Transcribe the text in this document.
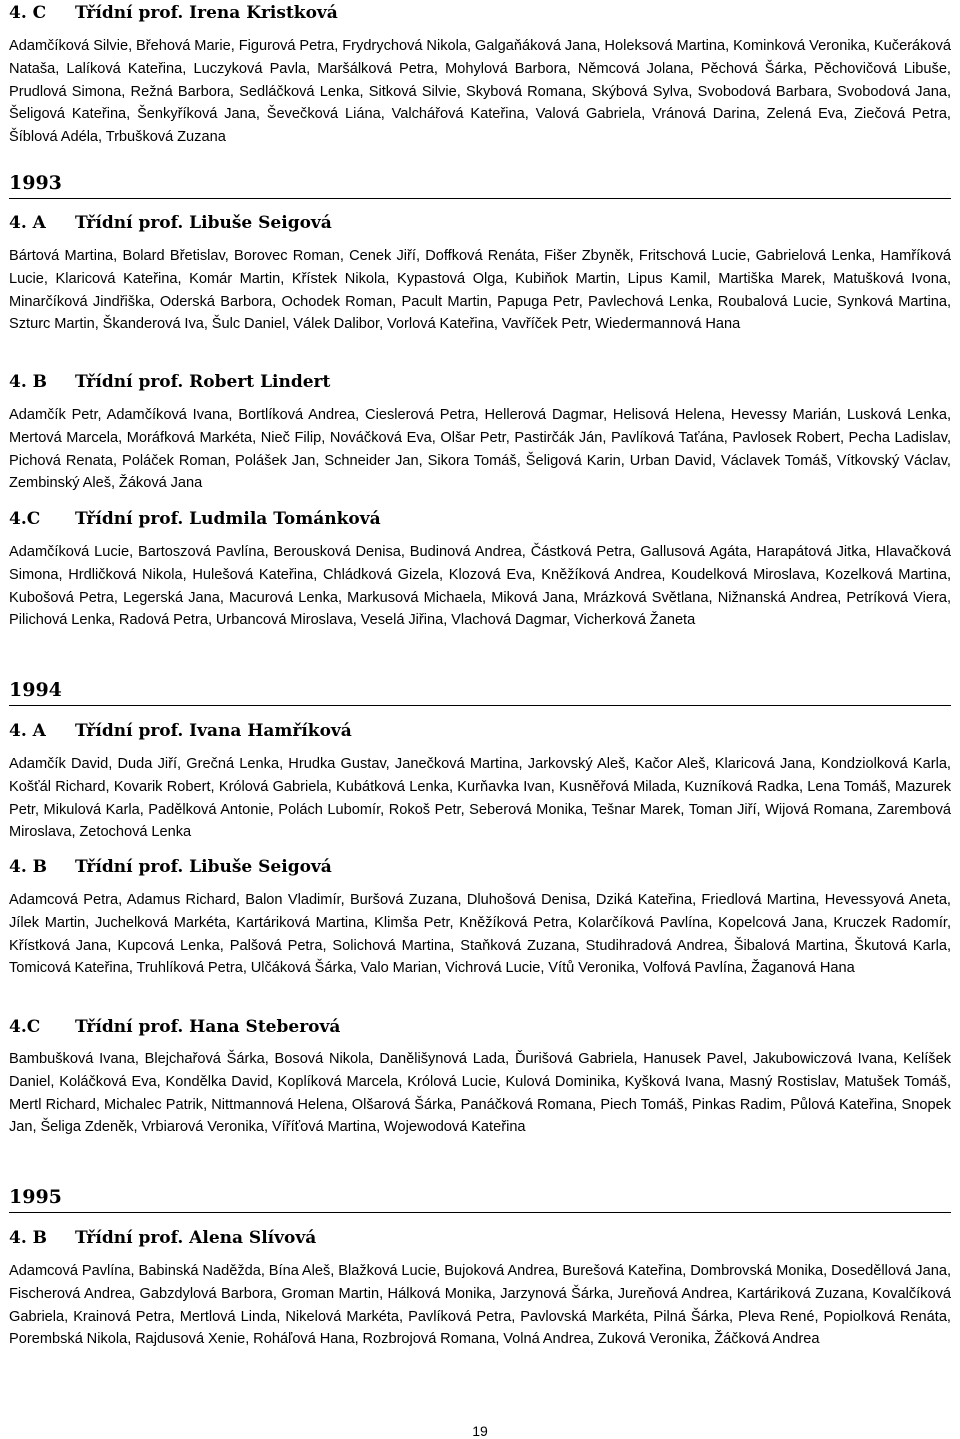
4. C Třídní prof. Irena Kristková
Adamčíková Silvie, Břehová Marie, Figurová Petra, Frydrychová Nikola, Galgaňáková Jana, Holeksová Martina, Kominková Veronika, Kučeráková Nataša, Lalíková Kateřina, Luczyková Pavla, Maršálková Petra, Mohylová Barbora, Němcová Jolana, Pěchová Šárka, Pěchovičová Libuše, Prudlová Simona, Režná Barbora, Sedláčková Lenka, Sitková Silvie, Skybová Romana, Skýbová Sylva, Svobodová Barbara, Svobodová Jana, Šeligová Kateřina, Šenkyříková Jana, Ševečková Liána, Valchářová Kateřina, Valová Gabriela, Vránová Darina, Zelená Eva, Ziečová Petra, Šíblová Adéla, Trbušková Zuzana
1993
4. A Třídní prof. Libuše Seigová
Bártová Martina, Bolard Břetislav, Borovec Roman, Cenek Jiří, Doffková Renáta, Fišer Zbyněk, Fritschová Lucie, Gabrielová Lenka, Hamříková Lucie, Klaricová Kateřina, Komár Martin, Křístek Nikola, Kypastová Olga, Kubiňok Martin, Lipus Kamil, Martiška Marek, Matušková Ivona, Minarčíková Jindřiška, Oderská Barbora, Ochodek Roman, Pacult Martin, Papuga Petr, Pavlechová Lenka, Roubalová Lucie, Synková Martina, Szturc Martin, Škanderová Iva, Šulc Daniel, Válek Dalibor, Vorlová Kateřina, Vavříček Petr, Wiedermannová Hana
4. B Třídní prof. Robert Lindert
Adamčík Petr, Adamčíková Ivana, Bortlíková Andrea, Cieslerová Petra, Hellerová Dagmar, Helisová Helena, Hevessy Marián, Lusková Lenka, Mertová Marcela, Moráfková Markéta, Nieč Filip, Nováčková Eva, Olšar Petr, Pastirčák Ján, Pavlíková Taťána, Pavlosek Robert, Pecha Ladislav, Pichová Renata, Poláček Roman, Polášek Jan, Schneider Jan, Sikora Tomáš, Šeligová Karin, Urban David, Václavek Tomáš, Vítkovský Václav, Zembinský Aleš, Žáková Jana
4.C Třídní prof. Ludmila Tománková
Adamčíková Lucie, Bartoszová Pavlína, Berousková Denisa, Budinová Andrea, Částková Petra, Gallusová Agáta, Harapátová Jitka, Hlavačková Simona, Hrdličková Nikola, Hulešová Kateřina, Chládková Gizela, Klozová Eva, Kněžíková Andrea, Koudelková Miroslava, Kozelková Martina, Kubošová Petra, Legerská Jana, Macurová Lenka, Markusová Michaela, Miková Jana, Mrázková Světlana, Nižnanská Andrea, Petríková Viera, Pilichová Lenka, Radová Petra, Urbancová Miroslava, Veselá Jiřina, Vlachová Dagmar, Vicherková Žaneta
1994
4. A Třídní prof. Ivana Hamříková
Adamčík David, Duda Jiří, Grečná Lenka, Hrudka Gustav, Janečková Martina, Jarkovský Aleš, Kačor Aleš, Klaricová Jana, Kondziolková Karla, Košťál Richard, Kovarik Robert, Królová Gabriela, Kubátková Lenka, Kurňavka Ivan, Kusněřová Milada, Kuzníková Radka, Lena Tomáš, Mazurek Petr, Mikulová Karla, Padělková Antonie, Polách Lubomír, Rokoš Petr, Seberová Monika, Tešnar Marek, Toman Jiří, Wijová Romana, Zarembová Miroslava, Zetochová Lenka
4. B Třídní prof. Libuše Seigová
Adamcová Petra, Adamus Richard, Balon Vladimír, Buršová Zuzana, Dluhošová Denisa, Dziká Kateřina, Friedlová Martina, Hevessyová Aneta, Jílek Martin, Juchelková Markéta, Kartáriková Martina, Klimša Petr, Kněžíková Petra, Kolarčíková Pavlína, Kopelcová Jana, Kruczek Radomír, Křístková Jana, Kupcová Lenka, Palšová Petra, Solichová Martina, Staňková Zuzana, Studihradová Andrea, Šibalová Martina, Škutová Karla, Tomicová Kateřina, Truhlíková Petra, Ulčáková Šárka, Valo Marian, Vichrová Lucie, Vítů Veronika, Volfová Pavlína, Žaganová Hana
4.C Třídní prof. Hana Steberová
Bambušková Ivana, Blejchařová Šárka, Bosová Nikola, Danělišynová Lada, Ďurišová Gabriela, Hanusek Pavel, Jakubowiczová Ivana, Kelíšek Daniel, Koláčková Eva, Kondělka David, Koplíková Marcela, Królová Lucie, Kulová Dominika, Kyšková Ivana, Masný Rostislav, Matušek Tomáš, Mertl Richard, Michalec Patrik, Nittmannová Helena, Olšarová Šárka, Panáčková Romana, Piech Tomáš, Pinkas Radim, Půlová Kateřina, Snopek Jan, Šeliga Zdeněk, Vrbiarová Veronika, Víříťová Martina, Wojewodová Kateřina
1995
4. B Třídní prof. Alena Slívová
Adamcová Pavlína, Babinská Naděžda, Bína Aleš, Blažková Lucie, Bujoková Andrea, Burešová Kateřina, Dombrovská Monika, Doseděllová Jana, Fischerová Andrea, Gabzdylová Barbora, Groman Martin, Hálková Monika, Jarzynová Šárka, Jureňová Andrea, Kartáriková Zuzana, Kovalčíková Gabriela, Krainová Petra, Mertlová Linda, Nikelová Markéta, Pavlíková Petra, Pavlovská Markéta, Pilná Šárka, Pleva René, Popiolková Renáta, Porembská Nikola, Rajdusová Xenie, Roháľová Hana, Rozbrojová Romana, Volná Andrea, Zuková Veronika, Žáčková Andrea
19
